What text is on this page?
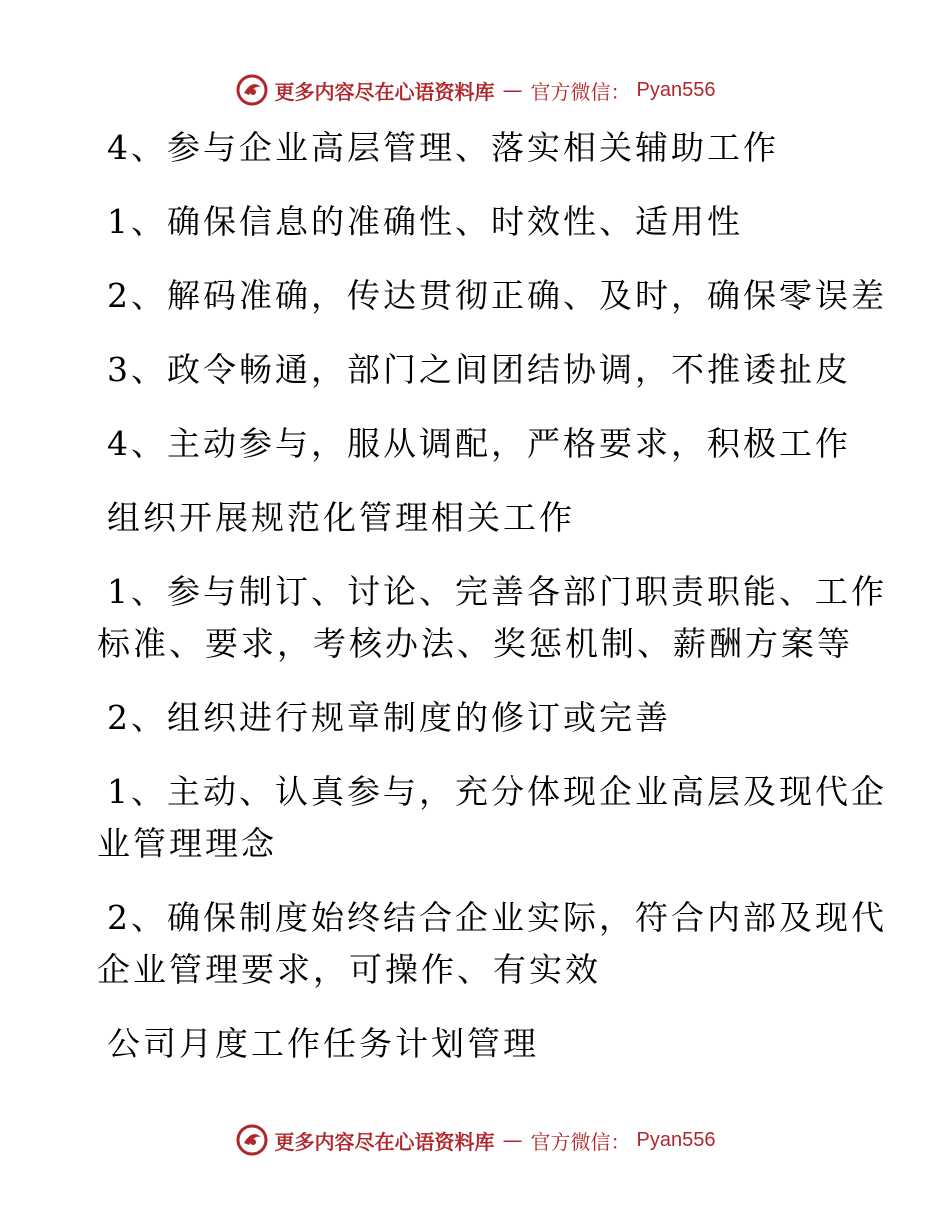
更多内容尽在心语资料库 — 官方微信： Pyan556

4、参与企业高层管理、落实相关辅助工作

1、确保信息的准确性、时效性、适用性

2、解码准确，传达贯彻正确、及时，确保零误差

3、政令畅通，部门之间团结协调，不推诿扯皮

4、主动参与，服从调配，严格要求，积极工作

组织开展规范化管理相关工作

1、参与制订、讨论、完善各部门职责职能、工作

标准、要求，考核办法、奖惩机制、薪酬方案等

2、组织进行规章制度的修订或完善

1、主动、认真参与，充分体现企业高层及现代企

业管理理念

2、确保制度始终结合企业实际，符合内部及现代

企业管理要求，可操作、有实效

公司月度工作任务计划管理

更多内容尽在心语资料库 — 官方微信： Pyan556
